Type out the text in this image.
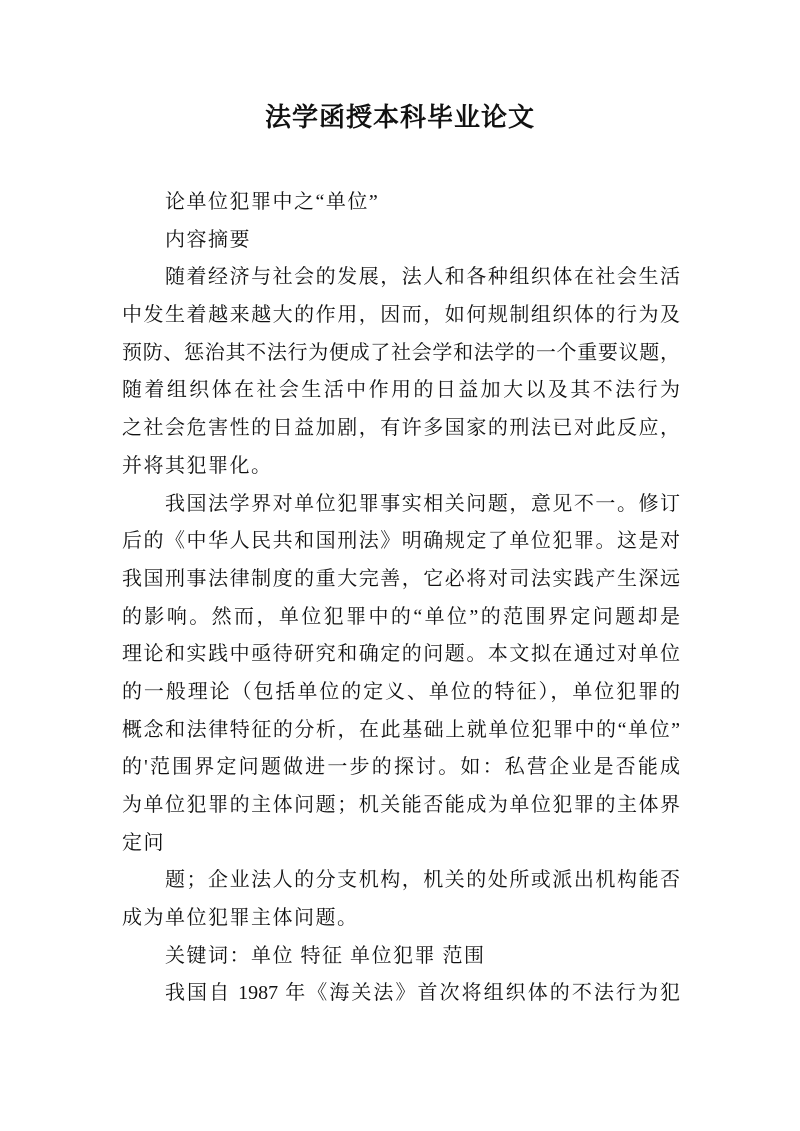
法学函授本科毕业论文
论单位犯罪中之“单位”
内容摘要
随着经济与社会的发展，法人和各种组织体在社会生活
中发生着越来越大的作用，因而，如何规制组织体的行为及
预防、惩治其不法行为便成了社会学和法学的一个重要议题，
随着组织体在社会生活中作用的日益加大以及其不法行为
之社会危害性的日益加剧，有许多国家的刑法已对此反应，
并将其犯罪化。
我国法学界对单位犯罪事实相关问题，意见不一。修订
后的《中华人民共和国刑法》明确规定了单位犯罪。这是对
我国刑事法律制度的重大完善，它必将对司法实践产生深远
的影响。然而，单位犯罪中的“单位”的范围界定问题却是
理论和实践中亟待研究和确定的问题。本文拟在通过对单位
的一般理论（包括单位的定义、单位的特征），单位犯罪的
概念和法律特征的分析，在此基础上就单位犯罪中的“单位”
的'范围界定问题做进一步的探讨。如：私营企业是否能成
为单位犯罪的主体问题；机关能否能成为单位犯罪的主体界
定问
题；企业法人的分支机构，机关的处所或派出机构能否
成为单位犯罪主体问题。
关键词：单位 特征 单位犯罪 范围
我国自 1987 年《海关法》首次将组织体的不法行为犯
